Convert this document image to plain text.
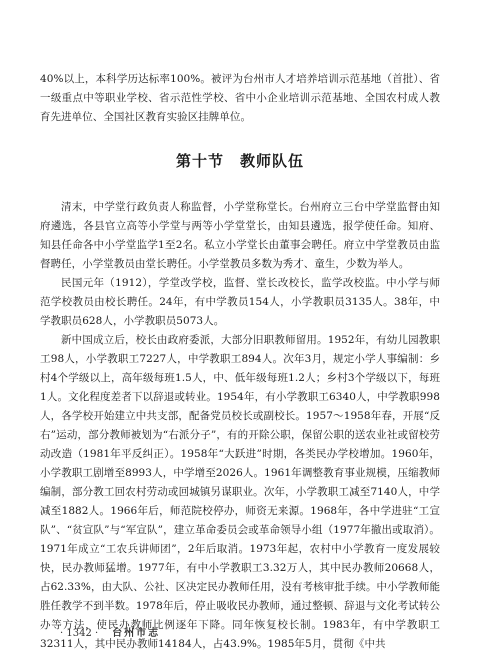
40%以上，本科学历达标率100%。被评为台州市人才培养培训示范基地（首批）、省一级重点中等职业学校、省示范性学校、省中小企业培训示范基地、全国农村成人教育先进单位、全国社区教育实验区挂牌单位。

第十节　教师队伍

清末，中学堂行政负责人称监督，小学堂称堂长。台州府立三台中学堂监督由知府遴选，各县官立高等小学堂与两等小学堂堂长，由知县遴选，报学使任命。知府、知县任命各中小学堂监学1至2名。私立小学堂长由董事会聘任。府立中学堂教员由监督聘任，小学堂教员由堂长聘任。小学堂教员多数为秀才、童生，少数为举人。

民国元年（1912），学堂改学校，监督、堂长改校长，监学改校监。中小学与师范学校教员由校长聘任。24年，有中学教员154人，小学教职员3135人。38年，中学教职员628人，小学教职员5073人。

新中国成立后，校长由政府委派，大部分旧职教师留用。1952年，有幼儿园教职工98人，小学教职工7227人，中学教职工894人。次年3月，规定小学人事编制：乡村4个学级以上，高年级每班1.5人，中、低年级每班1.2人；乡村3个学级以下，每班1人。文化程度差者下以辞退或转业。1954年，有小学教职工6340人，中学教职998人，各学校开始建立中共支部，配备党员校长或副校长。1957～1958年春，开展“反右”运动，部分教师被划为“右派分子”，有的开除公职，保留公职的送农业社或留校劳动改造（1981年平反纠正）。1958年“大跃进”时期，各类民办学校增加。1960年，小学教职工剧增至8993人，中学增至2026人。1961年调整教育事业规模，压缩教师编制，部分教工回农村劳动或回城镇另谋职业。次年，小学教职工减至7140人，中学减至1882人。1966年后，师范院校停办，师资无来源。1968年，各中学进驻“工宣队”、“贫宣队”与“军宣队”，建立革命委员会或革命领导小组（1977年撤出或取消）。1971年成立“工农兵讲师团”，2年后取消。1973年起，农村中小学教育一度发展较快，民办教师猛增。1977年，有中小学教职工3.32万人，其中民办教师20668人，占62.33%，由大队、公社、区决定民办教师任用，没有考核审批手续。中小学教师能胜任教学不到半数。1978年后，停止吸收民办教师，通过整顿、辞退与文化考试转公办等方法，使民办教师比例逐年下降。同年恢复校长制。1983年，有中学教职工32311人，其中民办教师14184人，占43.9%。1985年5月，贯彻《中共

· 1342 · 台州市志
